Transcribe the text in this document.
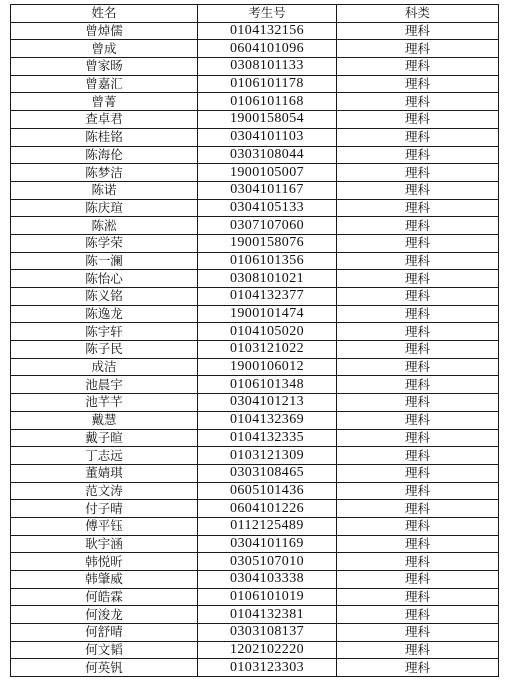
姓名	考生号	科类
曾焯儒	0104132156	理科
曾成	0604101096	理科
曾家旸	0308101133	理科
曾嘉汇	0106101178	理科
曾菁	0106101168	理科
查卓君	1900158054	理科
陈桂铭	0304101103	理科
陈海伦	0303108044	理科
陈梦洁	1900105007	理科
陈诺	0304101167	理科
陈庆瑄	0304105133	理科
陈淞	0307107060	理科
陈学荣	1900158076	理科
陈一澜	0106101356	理科
陈怡心	0308101021	理科
陈义铭	0104132377	理科
陈逸龙	1900101474	理科
陈宇轩	0104105020	理科
陈子民	0103121022	理科
成洁	1900106012	理科
池晨宇	0106101348	理科
池芊芊	0304101213	理科
戴慧	0104132369	理科
戴子暄	0104132335	理科
丁志远	0103121309	理科
董婧琪	0303108465	理科
范文涛	0605101436	理科
付子晴	0604101226	理科
傅平钰	0112125489	理科
耿宇涵	0304101169	理科
韩悦昕	0305107010	理科
韩肇威	0304103338	理科
何皓霖	0106101019	理科
何浚龙	0104132381	理科
何舒晴	0303108137	理科
何文韬	1202102220	理科
何英钒	0103123303	理科
